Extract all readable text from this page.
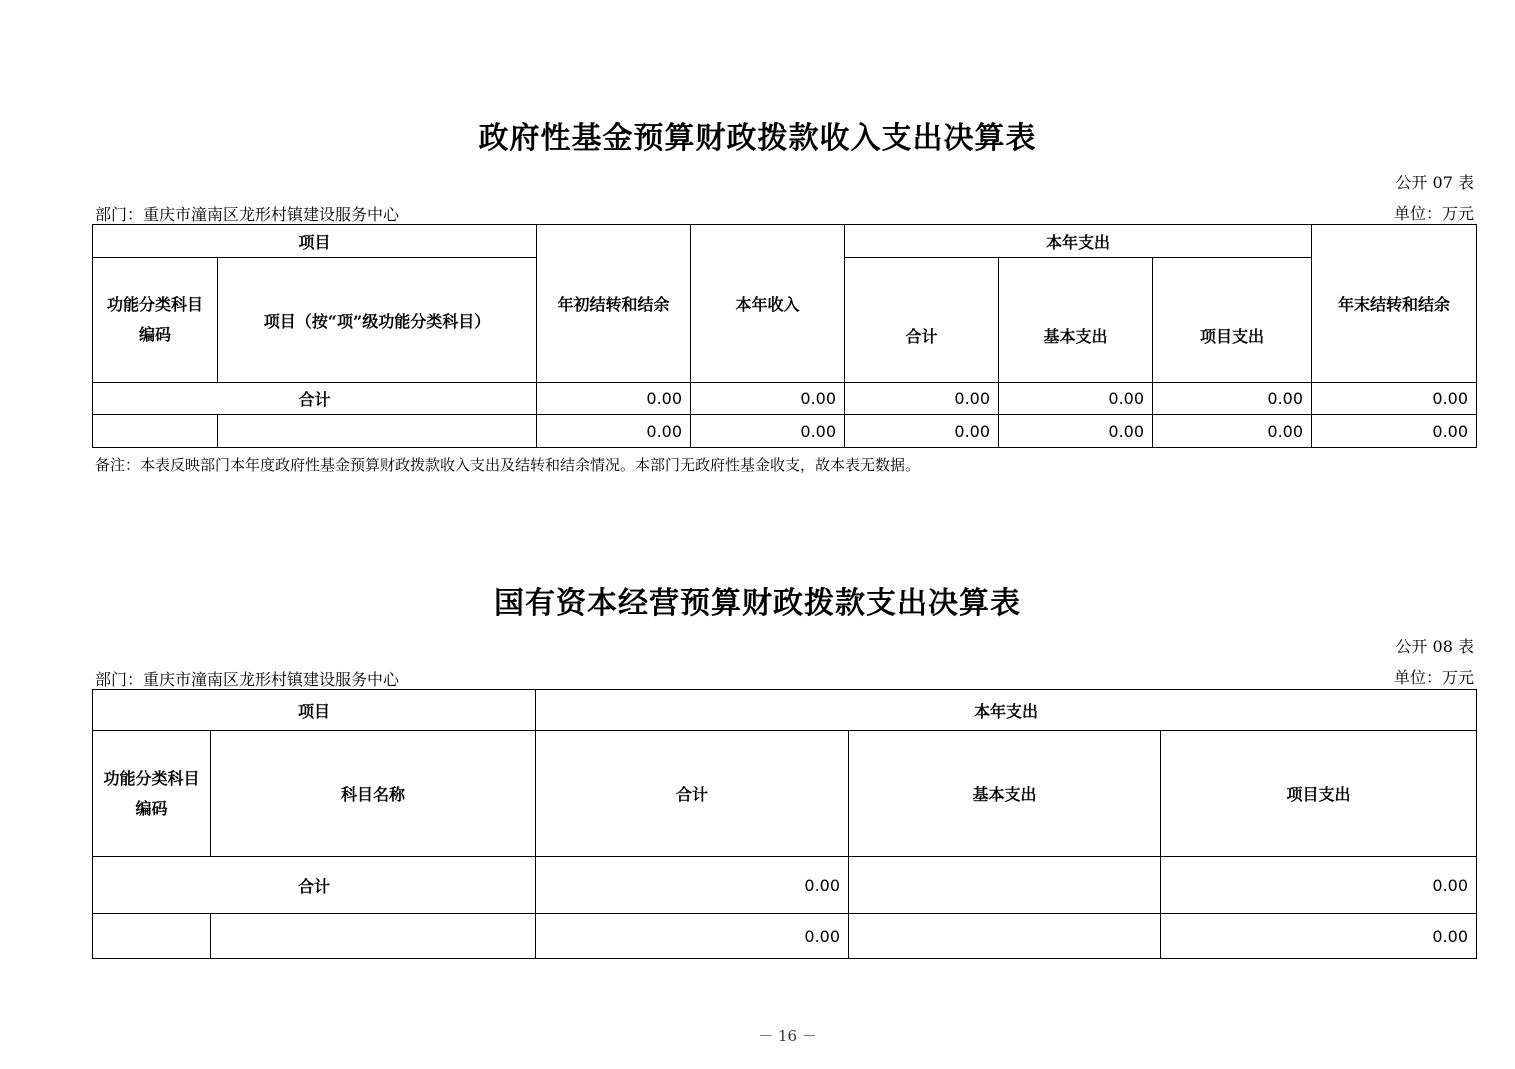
政府性基金预算财政拨款收入支出决算表
公开 07 表
部门：重庆市潼南区龙形村镇建设服务中心	单位：万元
项目		年初结转和结余	本年收入	本年支出			年末结转和结余
功能分类科目编码	项目（按“项”级功能分类科目）			合计	基本支出	项目支出	
合计		0.00	0.00	0.00	0.00	0.00	0.00
		0.00	0.00	0.00	0.00	0.00	0.00
备注：本表反映部门本年度政府性基金预算财政拨款收入支出及结转和结余情况。本部门无政府性基金收支，故本表无数据。
国有资本经营预算财政拨款支出决算表
公开 08 表
部门：重庆市潼南区龙形村镇建设服务中心	单位：万元
项目		本年支出		
功能分类科目编码	科目名称	合计	基本支出	项目支出
合计		0.00		0.00
		0.00		0.00
－ 16 －
